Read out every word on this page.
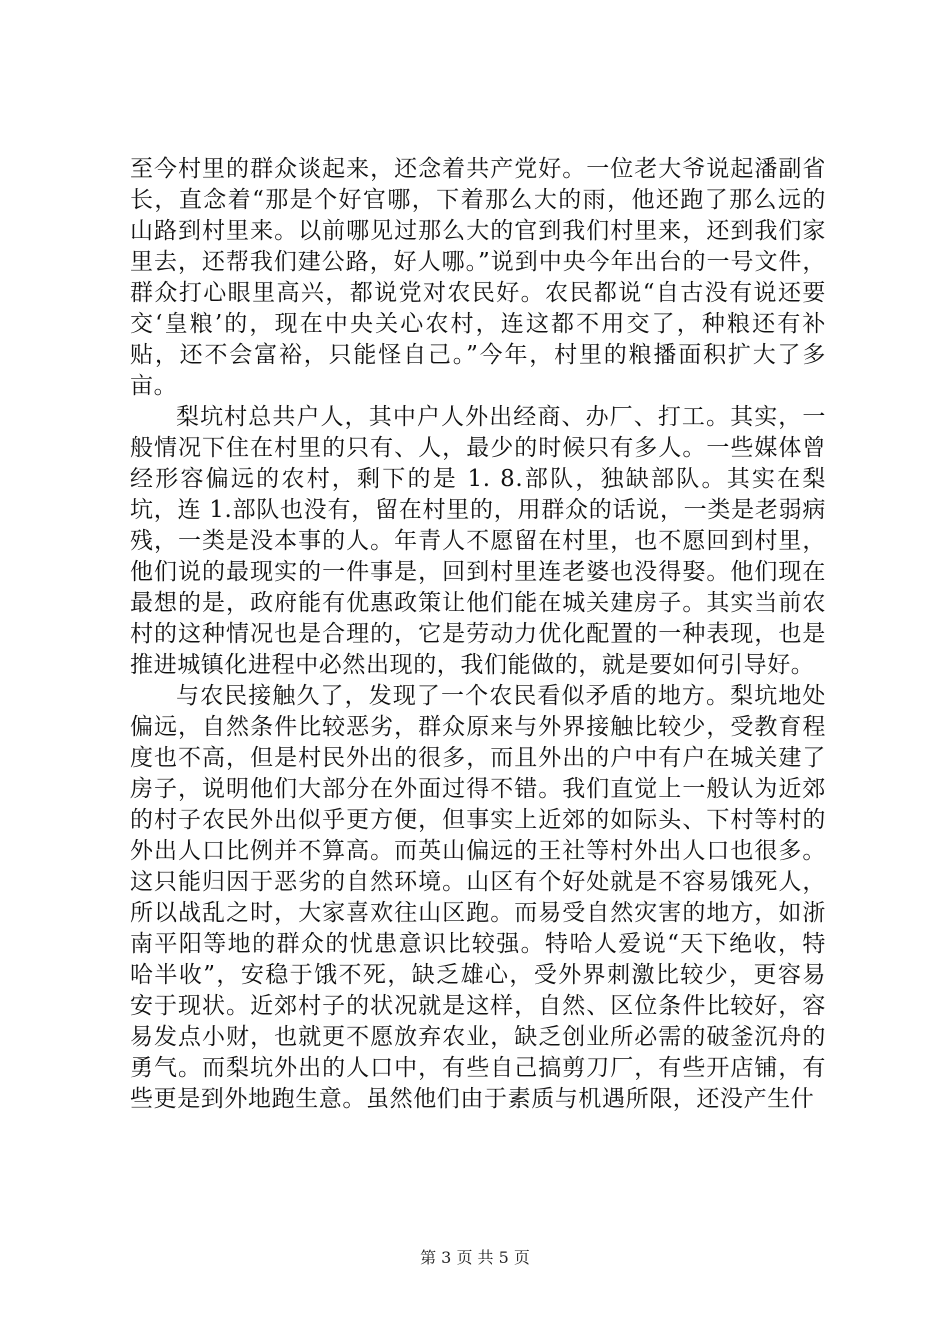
至今村里的群众谈起来，还念着共产党好。一位老大爷说起潘副省长，直念着“那是个好官哪，下着那么大的雨，他还跑了那么远的山路到村里来。以前哪见过那么大的官到我们村里来，还到我们家里去，还帮我们建公路，好人哪。”说到中央今年出台的一号文件，群众打心眼里高兴，都说党对农民好。农民都说“自古没有说还要交‘皇粮’的，现在中央关心农村，连这都不用交了，种粮还有补贴，还不会富裕，只能怪自己。”今年，村里的粮播面积扩大了多亩。

梨坑村总共户人，其中户人外出经商、办厂、打工。其实，一般情况下住在村里的只有、人，最少的时候只有多人。一些媒体曾经形容偏远的农村，剩下的是 1. 8.部队，独缺部队。其实在梨坑，连 1.部队也没有，留在村里的，用群众的话说，一类是老弱病残，一类是没本事的人。年青人不愿留在村里，也不愿回到村里，他们说的最现实的一件事是，回到村里连老婆也没得娶。他们现在最想的是，政府能有优惠政策让他们能在城关建房子。其实当前农村的这种情况也是合理的，它是劳动力优化配置的一种表现，也是推进城镇化进程中必然出现的，我们能做的，就是要如何引导好。

与农民接触久了，发现了一个农民看似矛盾的地方。梨坑地处偏远，自然条件比较恶劣，群众原来与外界接触比较少，受教育程度也不高，但是村民外出的很多，而且外出的户中有户在城关建了房子，说明他们大部分在外面过得不错。我们直觉上一般认为近郊的村子农民外出似乎更方便，但事实上近郊的如际头、下村等村的外出人口比例并不算高。而英山偏远的王社等村外出人口也很多。这只能归因于恶劣的自然环境。山区有个好处就是不容易饿死人，所以战乱之时，大家喜欢往山区跑。而易受自然灾害的地方，如浙南平阳等地的群众的忧患意识比较强。特哈人爱说“天下绝收，特哈半收”，安稳于饿不死，缺乏雄心，受外界刺激比较少，更容易安于现状。近郊村子的状况就是这样，自然、区位条件比较好，容易发点小财，也就更不愿放弃农业，缺乏创业所必需的破釜沉舟的勇气。而梨坑外出的人口中，有些自己搞剪刀厂，有些开店铺，有些更是到外地跑生意。虽然他们由于素质与机遇所限，还没产生什

第 3 页 共 5 页
